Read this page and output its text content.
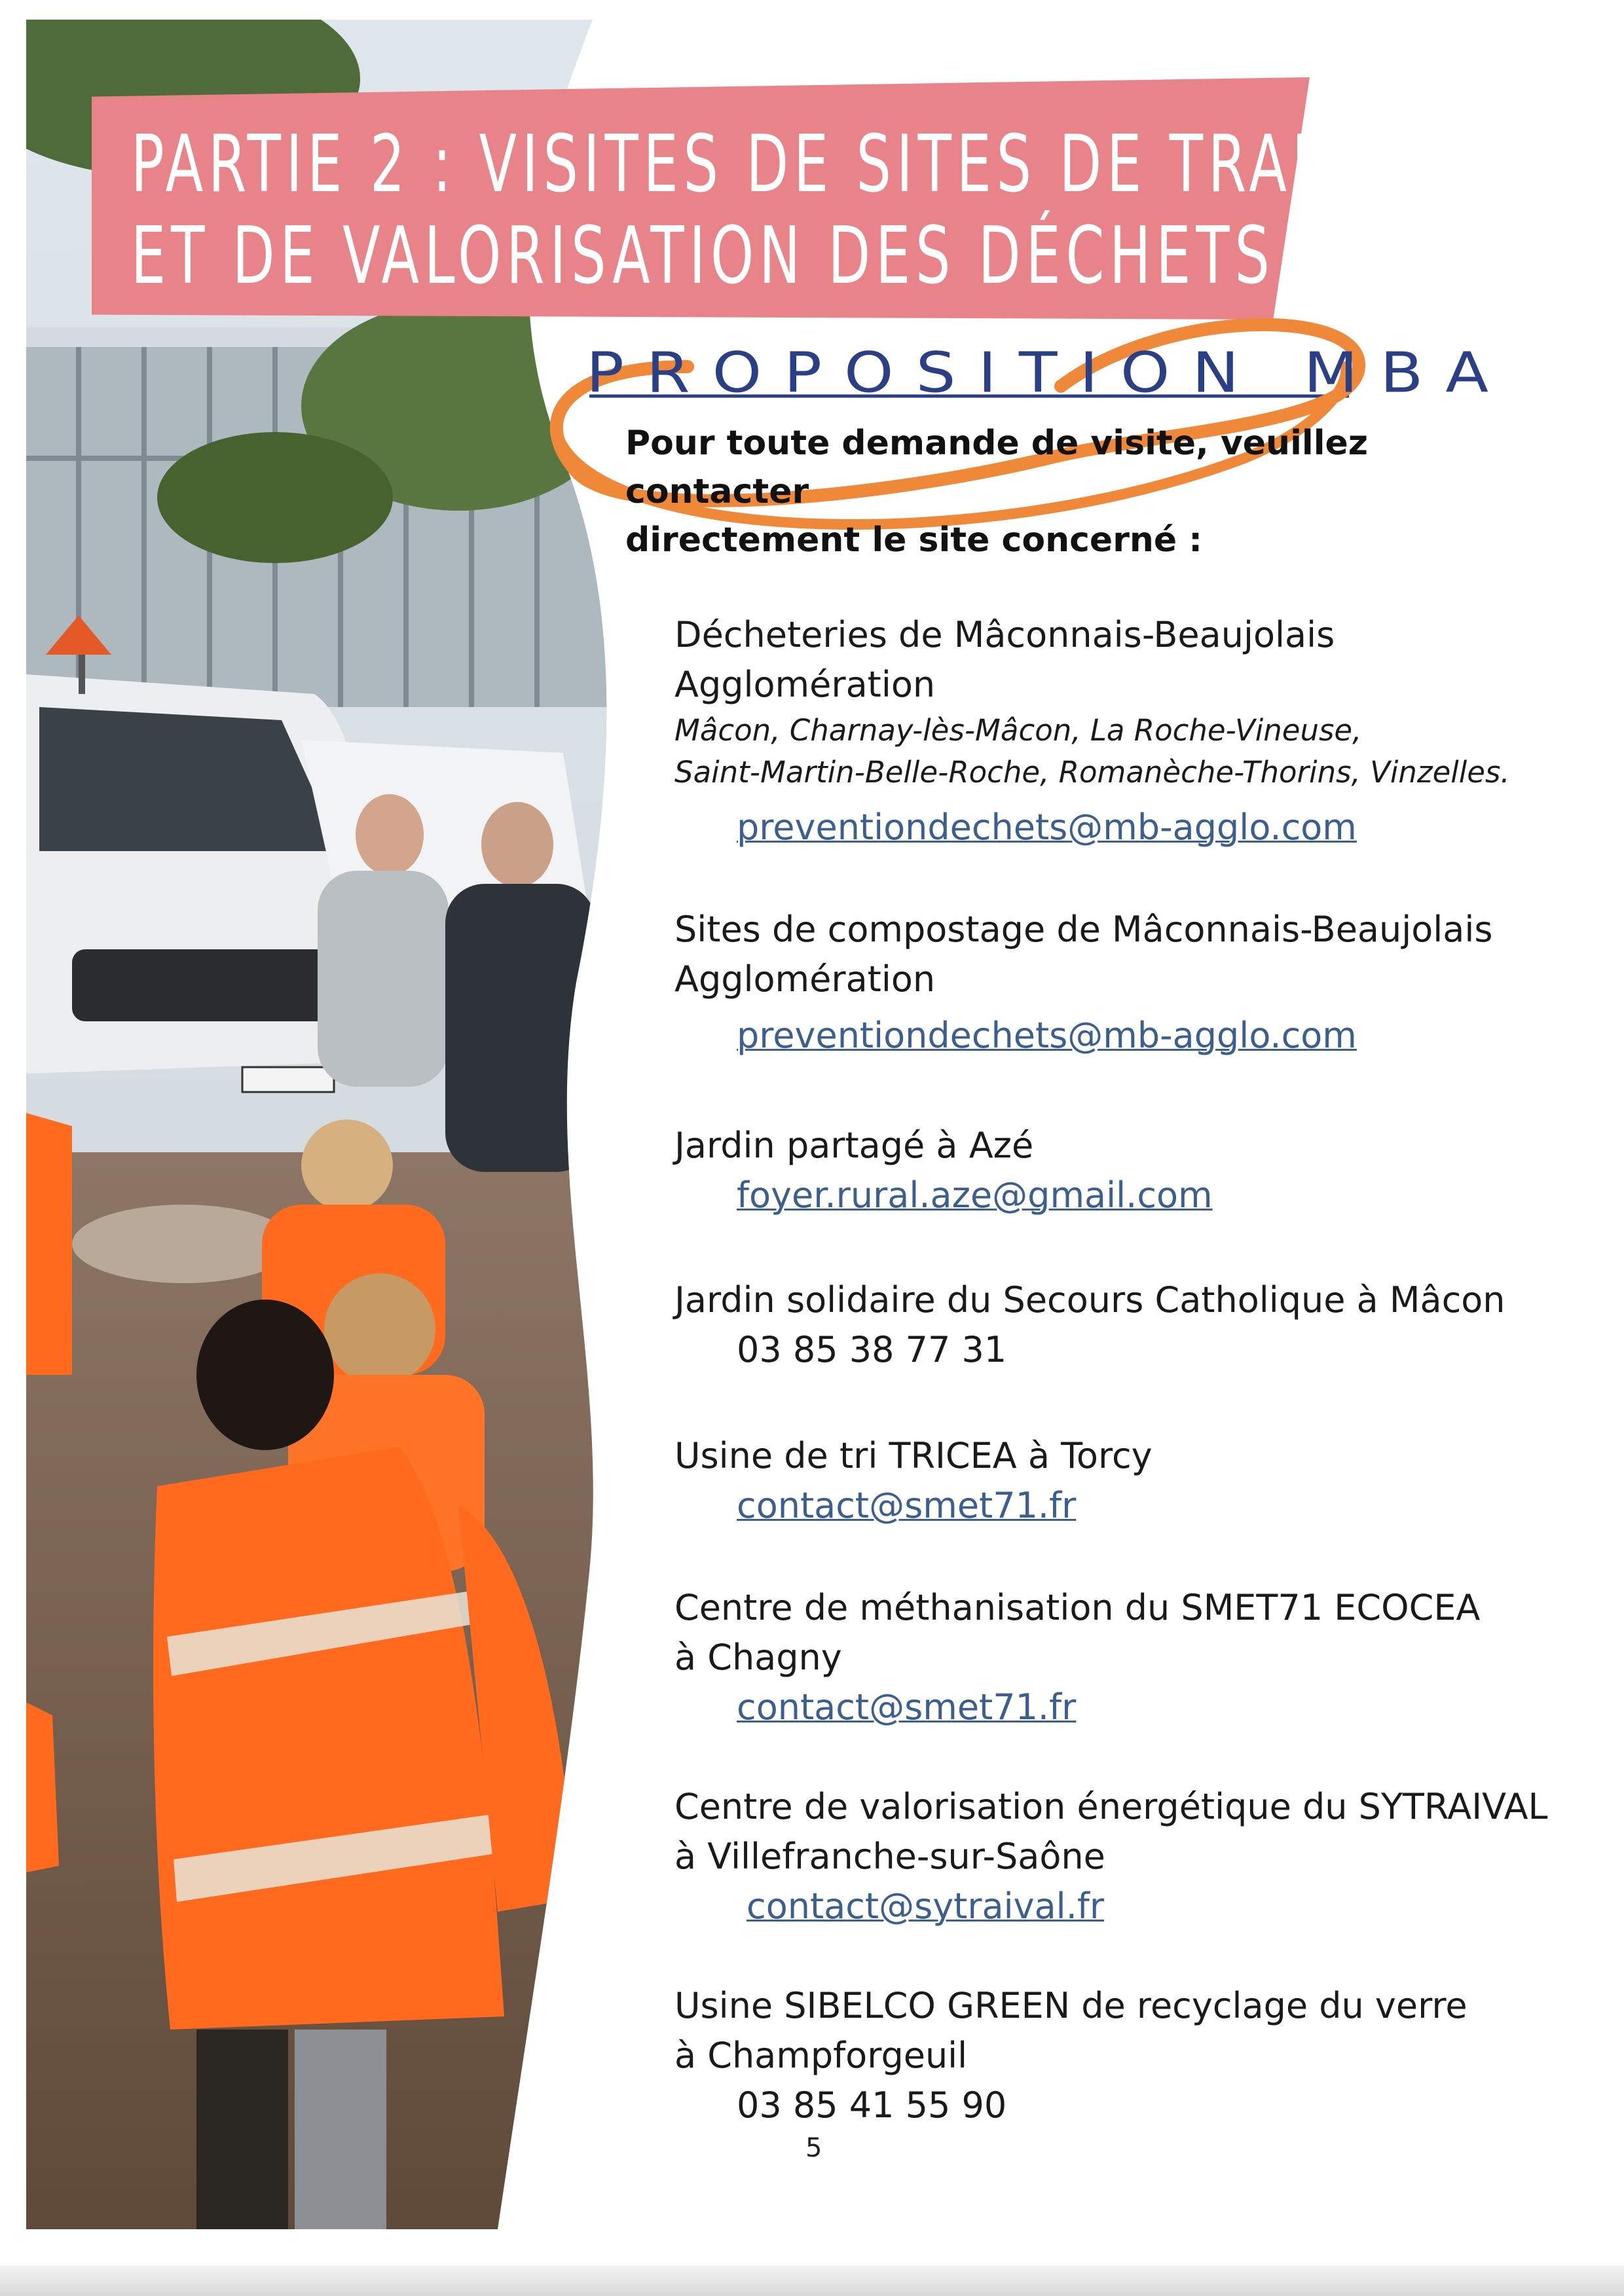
PARTIE 2 : VISITES DE SITES DE TRAITEMENT
ET DE VALORISATION DES DÉCHETS
PROPOSITION MBA
Pour toute demande de visite, veuillez contacter
directement le site concerné :
Décheteries de Mâconnais-Beaujolais
Agglomération
Mâcon, Charnay-lès-Mâcon, La Roche-Vineuse,
Saint-Martin-Belle-Roche, Romanèche-Thorins, Vinzelles.
preventiondechets@mb-agglo.com
Sites de compostage de Mâconnais-Beaujolais
Agglomération
preventiondechets@mb-agglo.com
Jardin partagé à Azé
foyer.rural.aze@gmail.com
Jardin solidaire du Secours Catholique à Mâcon
03 85 38 77 31
Usine de tri TRICEA à Torcy
contact@smet71.fr
Centre de méthanisation du SMET71 ECOCEA
à Chagny
contact@smet71.fr
Centre de valorisation énergétique du SYTRAIVAL
à Villefranche-sur-Saône
contact@sytraival.fr
Usine SIBELCO GREEN de recyclage du verre
à Champforgeuil
03 85 41 55 90
5
